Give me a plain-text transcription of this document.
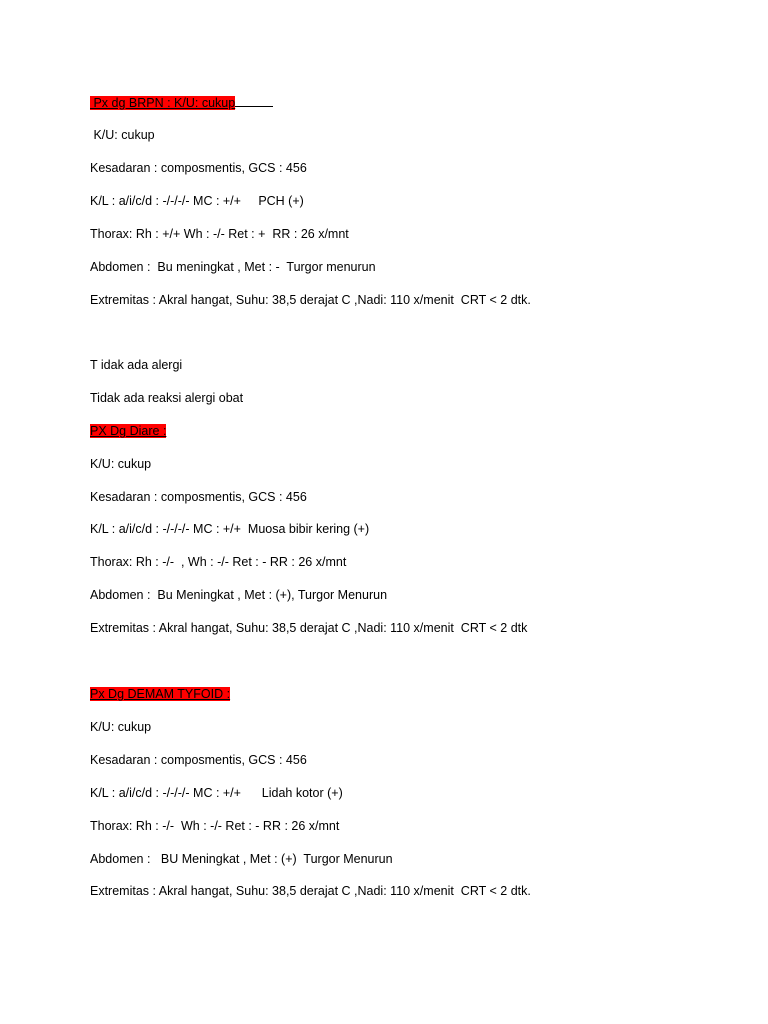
Px dg BRPN : K/U: cukup
K/U: cukup
Kesadaran : composmentis, GCS : 456
K/L : a/i/c/d : -/-/-/- MC : +/+     PCH (+)
Thorax: Rh : +/+ Wh : -/- Ret : +  RR : 26 x/mnt
Abdomen :  Bu meningkat , Met : -  Turgor menurun
Extremitas : Akral hangat, Suhu: 38,5 derajat C ,Nadi: 110 x/menit  CRT < 2 dtk.
T idak ada alergi
Tidak ada reaksi alergi obat
PX Dg Diare :
K/U: cukup
Kesadaran : composmentis, GCS : 456
K/L : a/i/c/d : -/-/-/- MC : +/+  Muosa bibir kering (+)
Thorax: Rh : -/-  , Wh : -/- Ret : - RR : 26 x/mnt
Abdomen :  Bu Meningkat , Met : (+), Turgor Menurun
Extremitas : Akral hangat, Suhu: 38,5 derajat C ,Nadi: 110 x/menit  CRT < 2 dtk
Px Dg DEMAM TYFOID :
K/U: cukup
Kesadaran : composmentis, GCS : 456
K/L : a/i/c/d : -/-/-/- MC : +/+      Lidah kotor (+)
Thorax: Rh : -/-  Wh : -/- Ret : - RR : 26 x/mnt
Abdomen :   BU Meningkat , Met : (+)  Turgor Menurun
Extremitas : Akral hangat, Suhu: 38,5 derajat C ,Nadi: 110 x/menit  CRT < 2 dtk.
